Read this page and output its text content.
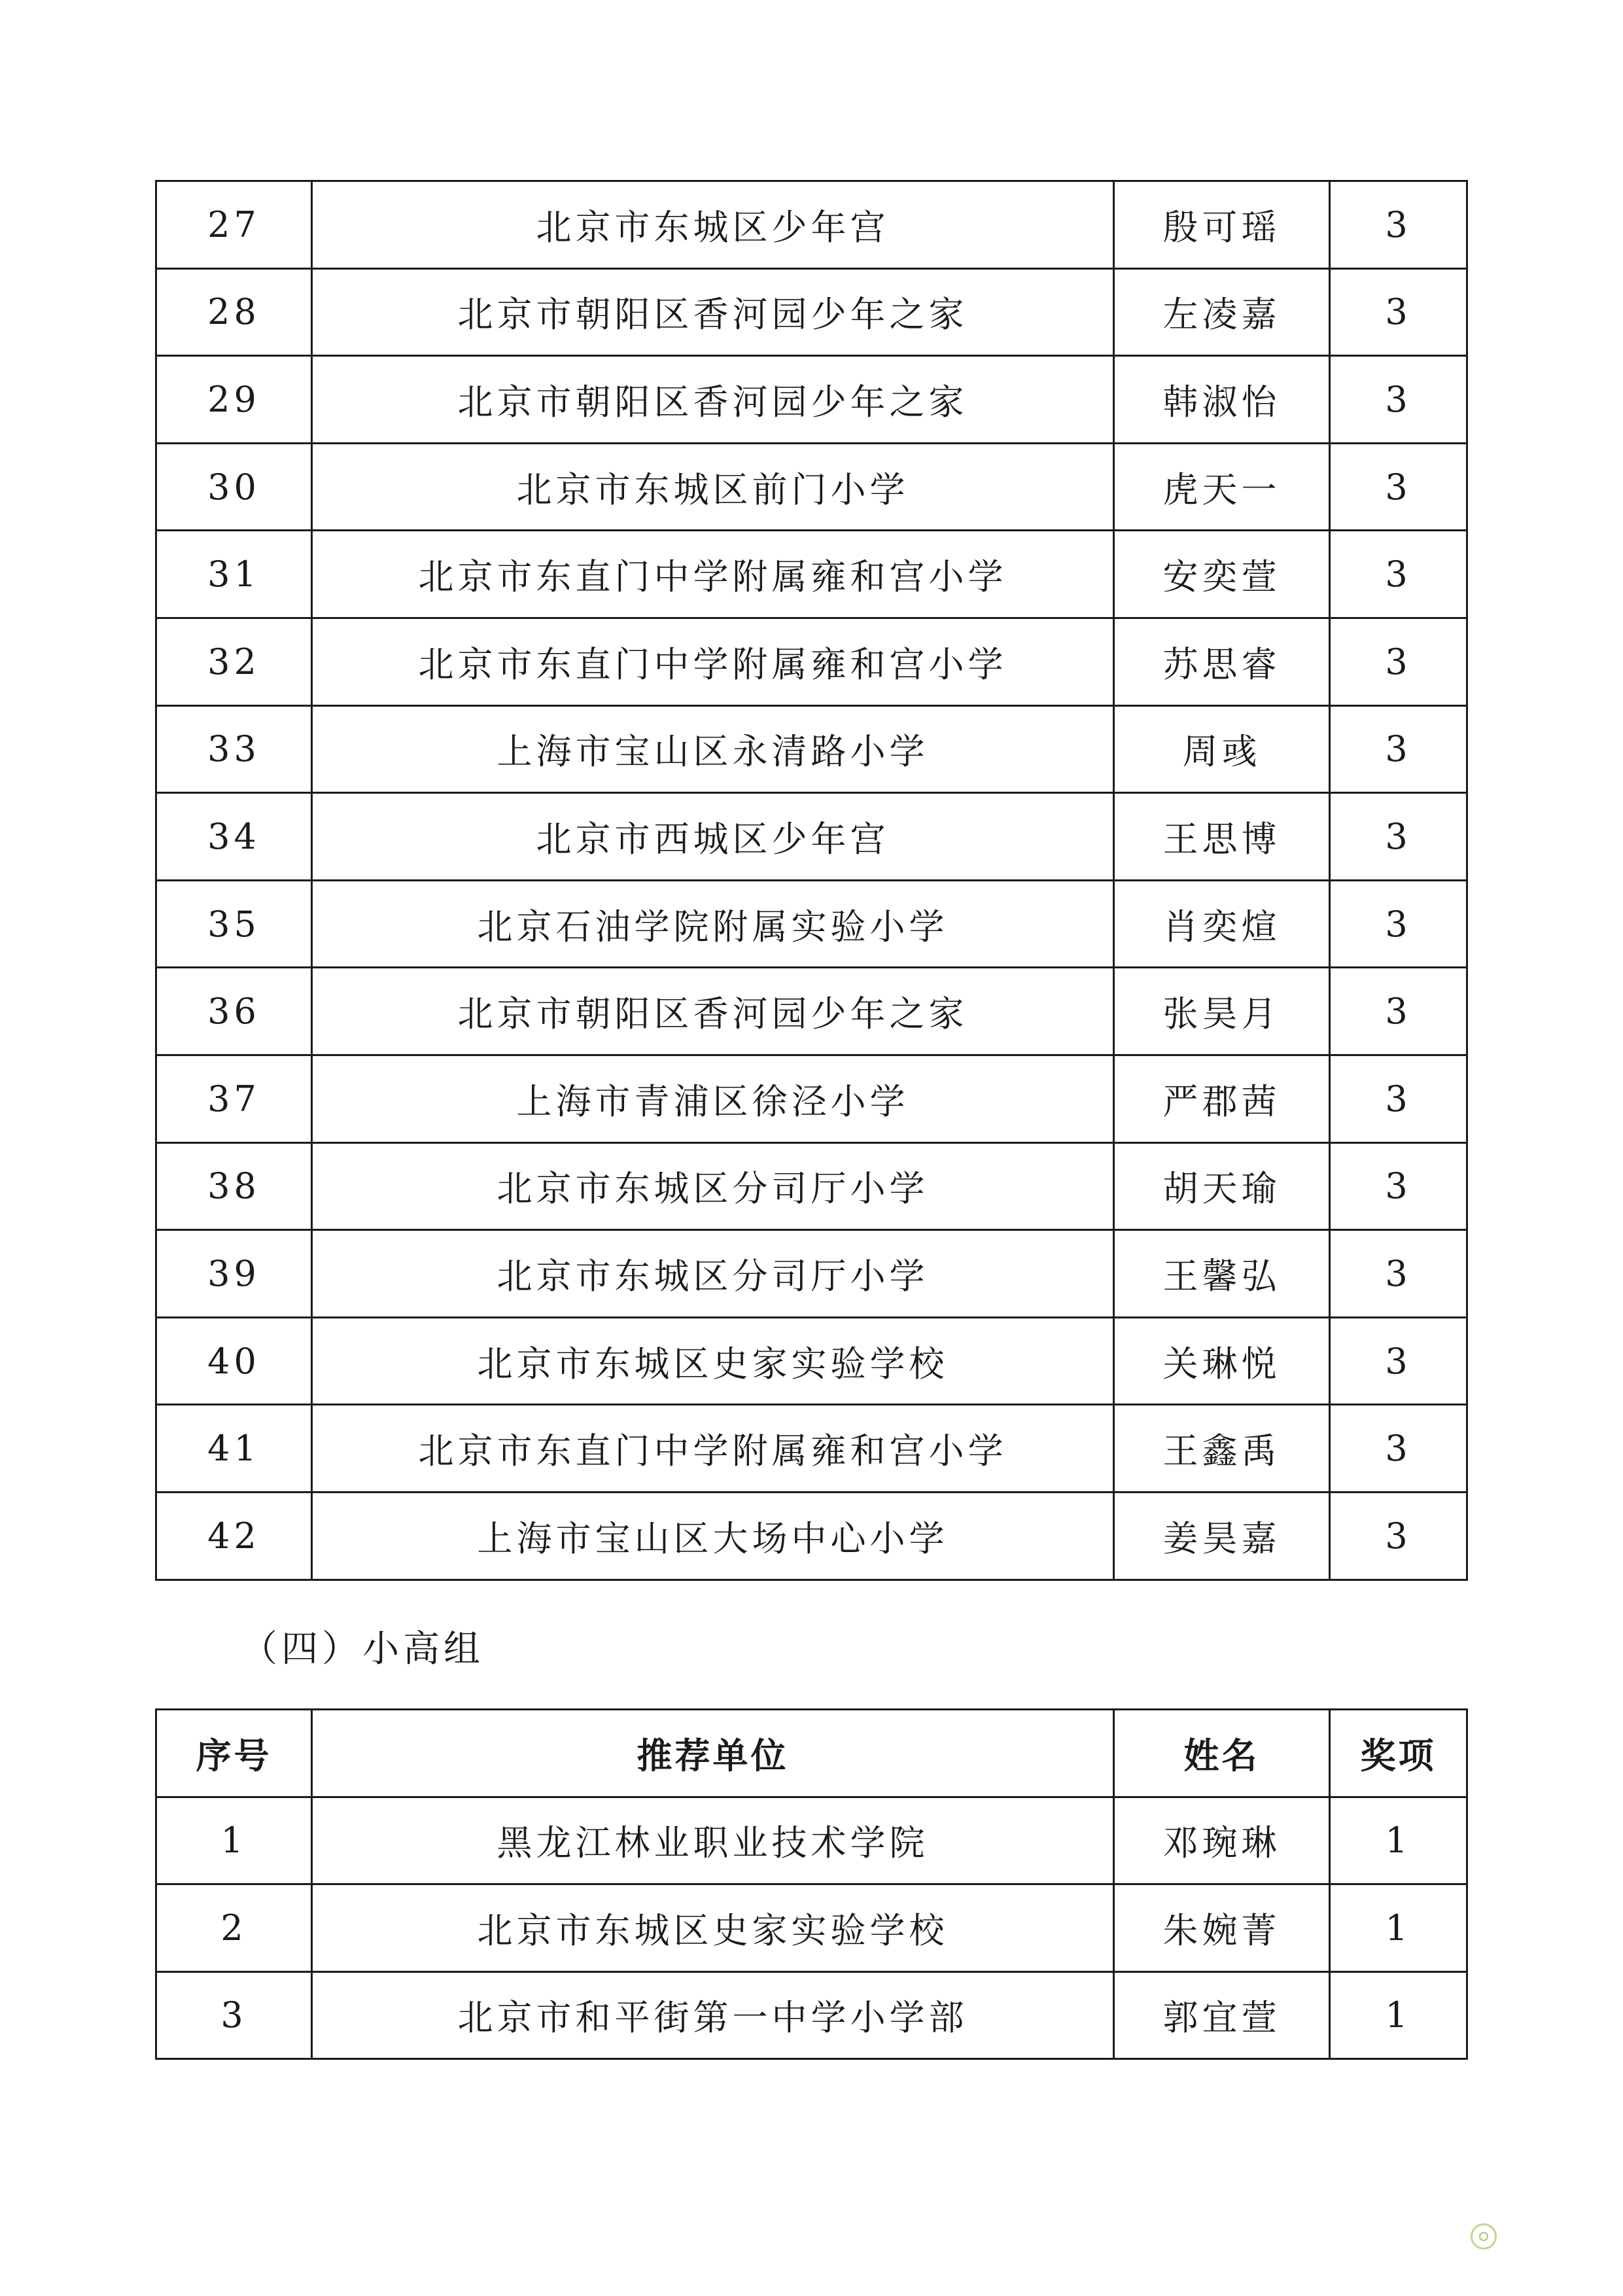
27	北京市东城区少年宫	殷可瑶	3
28	北京市朝阳区香河园少年之家	左凌嘉	3
29	北京市朝阳区香河园少年之家	韩淑怡	3
30	北京市东城区前门小学	虎天一	3
31	北京市东直门中学附属雍和宫小学	安奕萱	3
32	北京市东直门中学附属雍和宫小学	苏思睿	3
33	上海市宝山区永清路小学	周彧	3
34	北京市西城区少年宫	王思博	3
35	北京石油学院附属实验小学	肖奕煊	3
36	北京市朝阳区香河园少年之家	张昊月	3
37	上海市青浦区徐泾小学	严郡茜	3
38	北京市东城区分司厅小学	胡天瑜	3
39	北京市东城区分司厅小学	王馨弘	3
40	北京市东城区史家实验学校	关琳悦	3
41	北京市东直门中学附属雍和宫小学	王鑫禹	3
42	上海市宝山区大场中心小学	姜昊嘉	3
（四）小高组
序号	推荐单位	姓名	奖项
1	黑龙江林业职业技术学院	邓琬琳	1
2	北京市东城区史家实验学校	朱婉菁	1
3	北京市和平街第一中学小学部	郭宜萱	1
